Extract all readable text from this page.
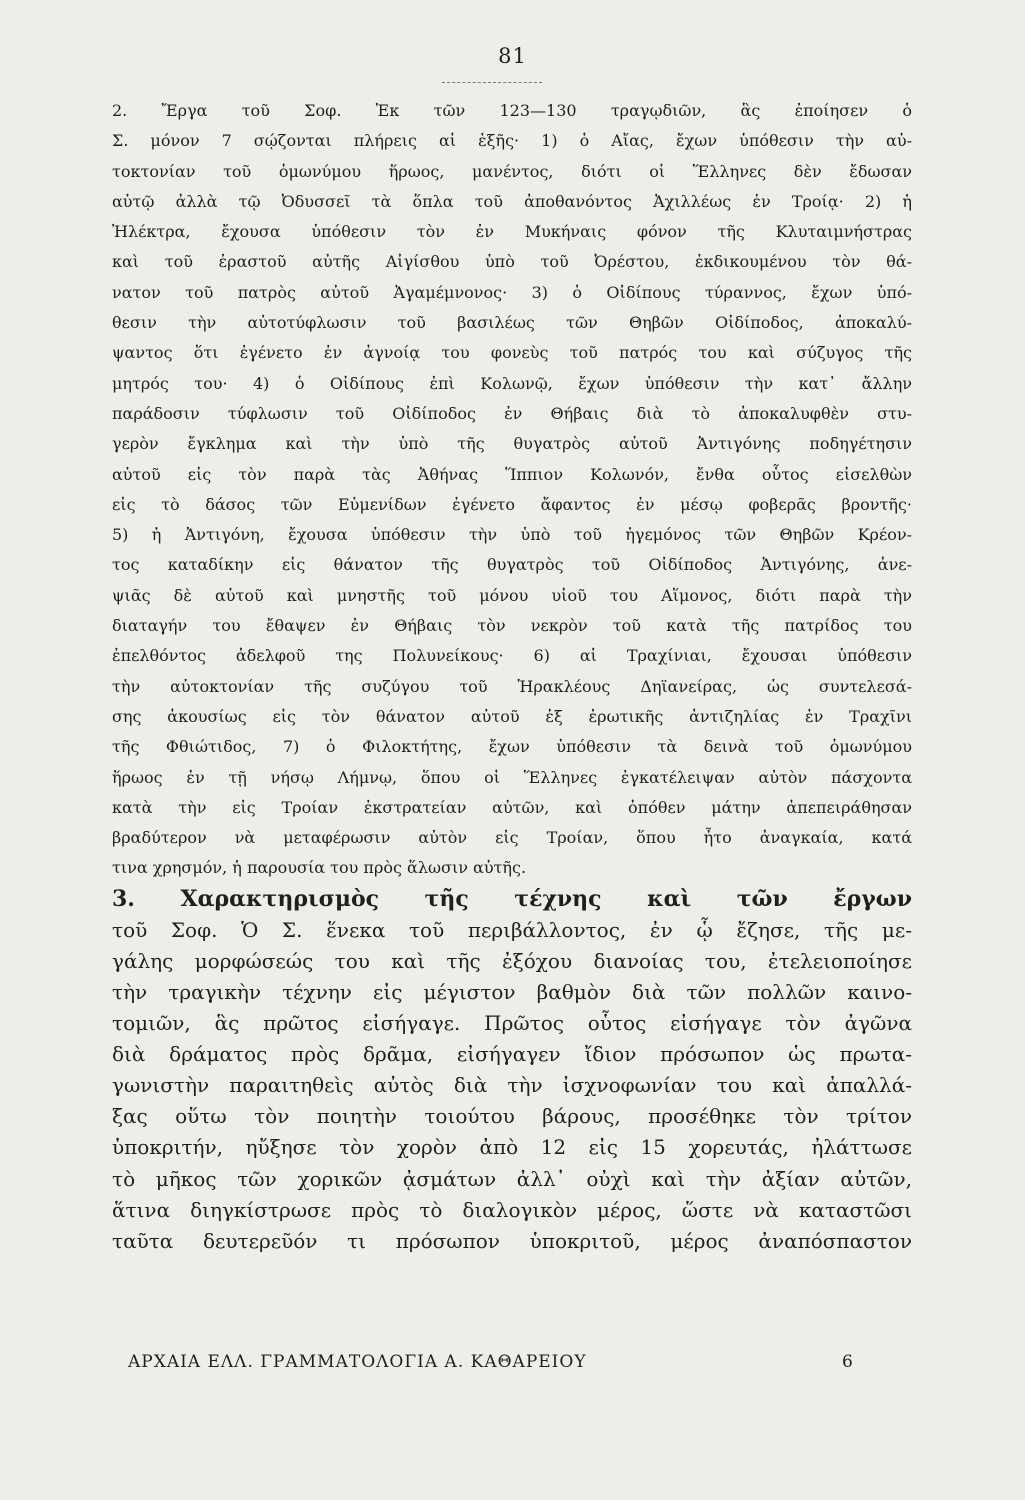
81
2. Ἔργα τοῦ Σοφ. Ἐκ τῶν 123—130 τραγῳδιῶν, ἃς ἐποίησεν ὁ
Σ. μόνον 7 σῴζονται πλήρεις αἱ ἑξῆς· 1) ὁ Αἴας, ἔχων ὑπόθεσιν τὴν αὐ-
τοκτονίαν τοῦ ὁμωνύμου ἥρωος, μανέντος, διότι οἱ Ἕλληνες δὲν ἔδωσαν
αὐτῷ ἀλλὰ τῷ Ὀδυσσεῖ τὰ ὅπλα τοῦ ἀποθανόντος Ἀχιλλέως ἐν Τροίᾳ· 2) ἡ
Ἠλέκτρα, ἔχουσα ὑπόθεσιν τὸν ἐν Μυκήναις φόνον τῆς Κλυταιμνήστρας
καὶ τοῦ ἐραστοῦ αὐτῆς Αἰγίσθου ὑπὸ τοῦ Ὀρέστου, ἐκδικουμένου τὸν θά-
νατον τοῦ πατρὸς αὐτοῦ Ἀγαμέμνονος· 3) ὁ Οἰδίπους τύραννος, ἔχων ὑπό-
θεσιν τὴν αὐτοτύφλωσιν τοῦ βασιλέως τῶν Θηβῶν Οἰδίποδος, ἀποκαλύ-
ψαντος ὅτι ἐγένετο ἐν ἀγνοίᾳ του φονεὺς τοῦ πατρός του καὶ σύζυγος τῆς
μητρός του· 4) ὁ Οἰδίπους ἐπὶ Κολωνῷ, ἔχων ὑπόθεσιν τὴν κατ᾽ ἄλλην
παράδοσιν τύφλωσιν τοῦ Οἰδίποδος ἐν Θήβαις διὰ τὸ ἀποκαλυφθὲν στυ-
γερὸν ἔγκλημα καὶ τὴν ὑπὸ τῆς θυγατρὸς αὐτοῦ Ἀντιγόνης ποδηγέτησιν
αὐτοῦ εἰς τὸν παρὰ τὰς Ἀθήνας Ἵππιον Κολωνόν, ἔνθα οὗτος εἰσελθὼν
εἰς τὸ δάσος τῶν Εὐμενίδων ἐγένετο ἄφαντος ἐν μέσῳ φοβερᾶς βροντῆς·
5) ἡ Ἀντιγόνη, ἔχουσα ὑπόθεσιν τὴν ὑπὸ τοῦ ἡγεμόνος τῶν Θηβῶν Κρέον-
τος καταδίκην εἰς θάνατον τῆς θυγατρὸς τοῦ Οἰδίποδος Ἀντιγόνης, ἀνε-
ψιᾶς δὲ αὐτοῦ καὶ μνηστῆς τοῦ μόνου υἱοῦ του Αἵμονος, διότι παρὰ τὴν
διαταγήν του ἔθαψεν ἐν Θήβαις τὸν νεκρὸν τοῦ κατὰ τῆς πατρίδος του
ἐπελθόντος ἀδελφοῦ της Πολυνείκους· 6) αἱ Τραχίνιαι, ἔχουσαι ὑπόθεσιν
τὴν αὐτοκτονίαν τῆς συζύγου τοῦ Ἡρακλέους Δηϊανείρας, ὡς συντελεσά-
σης ἀκουσίως εἰς τὸν θάνατον αὐτοῦ ἐξ ἐρωτικῆς ἀντιζηλίας ἐν Τραχῖνι
τῆς Φθιώτιδος, 7) ὁ Φιλοκτήτης, ἔχων ὑπόθεσιν τὰ δεινὰ τοῦ ὁμωνύμου
ἥρωος ἐν τῇ νήσῳ Λήμνῳ, ὅπου οἱ Ἕλληνες ἐγκατέλειψαν αὐτὸν πάσχοντα
κατὰ τὴν εἰς Τροίαν ἐκστρατείαν αὐτῶν, καὶ ὁπόθεν μάτην ἀπεπειράθησαν
βραδύτερον νὰ μεταφέρωσιν αὐτὸν εἰς Τροίαν, ὅπου ἦτο ἀναγκαία, κατά
τινα χρησμόν, ἡ παρουσία του πρὸς ἅλωσιν αὐτῆς.
3. Χαρακτηρισμὸς τῆς τέχνης καὶ τῶν ἔργων
τοῦ Σοφ. Ὁ Σ. ἕνεκα τοῦ περιβάλλοντος, ἐν ᾧ ἔζησε, τῆς με-
γάλης μορφώσεώς του καὶ τῆς ἐξόχου διανοίας του, ἐτελειοποίησε
τὴν τραγικὴν τέχνην εἰς μέγιστον βαθμὸν διὰ τῶν πολλῶν καινο-
τομιῶν, ἃς πρῶτος εἰσήγαγε. Πρῶτος οὗτος εἰσήγαγε τὸν ἀγῶνα
διὰ δράματος πρὸς δρᾶμα, εἰσήγαγεν ἴδιον πρόσωπον ὡς πρωτα-
γωνιστὴν παραιτηθεὶς αὐτὸς διὰ τὴν ἰσχνοφωνίαν του καὶ ἀπαλλά-
ξας οὕτω τὸν ποιητὴν τοιούτου βάρους, προσέθηκε τὸν τρίτον
ὑποκριτήν, ηὔξησε τὸν χορὸν ἀπὸ 12 εἰς 15 χορευτάς, ἠλάττωσε
τὸ μῆκος τῶν χορικῶν ᾀσμάτων ἀλλ᾽ οὐχὶ καὶ τὴν ἀξίαν αὐτῶν,
ἅτινα διηγκίστρωσε πρὸς τὸ διαλογικὸν μέρος, ὥστε νὰ καταστῶσι
ταῦτα δευτερεῦόν τι πρόσωπον ὑποκριτοῦ, μέρος ἀναπόσπαστον
ΑΡΧΑΙΑ ΕΛΛ. ΓΡΑΜΜΑΤΟΛΟΓΙΑ Α. ΚΑΘΑΡΕΙΟΥ	6
